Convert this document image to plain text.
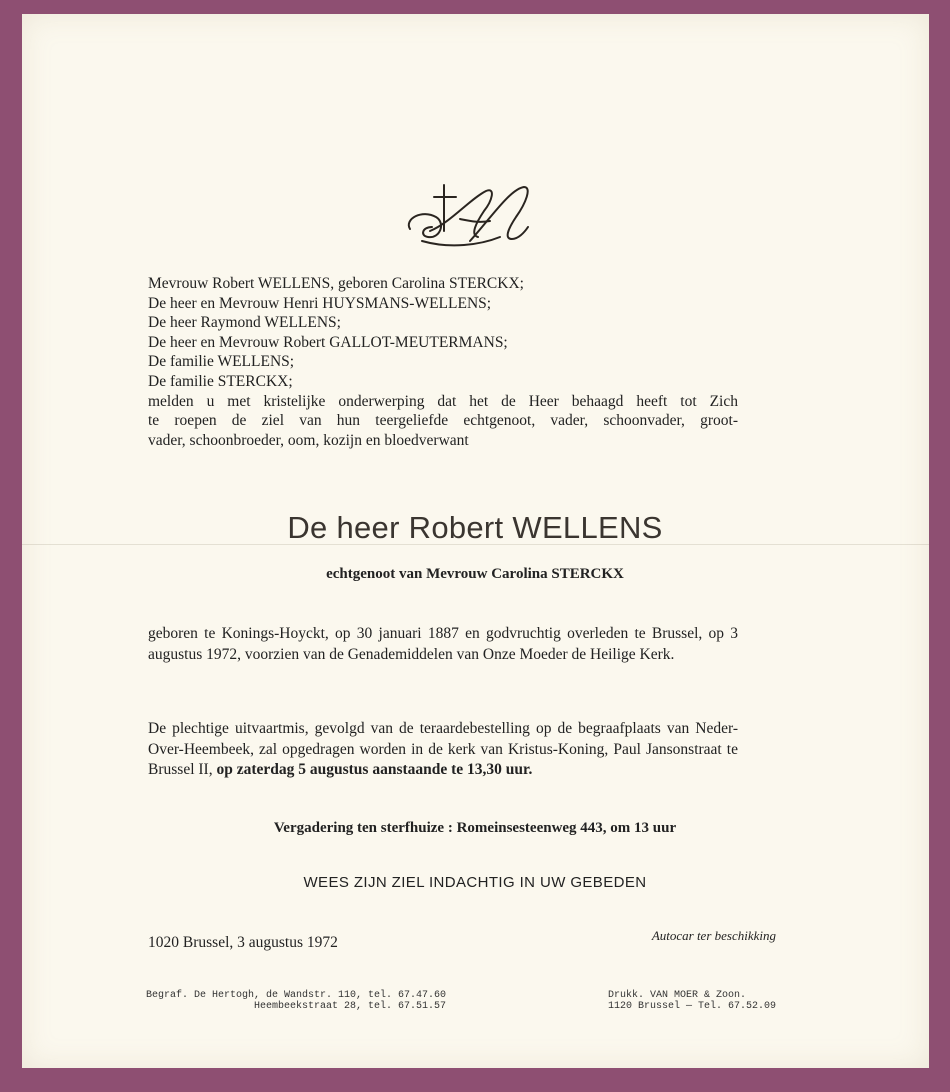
Mevrouw Robert WELLENS, geboren Carolina STERCKX;
De heer en Mevrouw Henri HUYSMANS-WELLENS;
De heer Raymond WELLENS;
De heer en Mevrouw Robert GALLOT-MEUTERMANS;
De familie WELLENS;
De familie STERCKX;
melden u met kristelijke onderwerping dat het de Heer behaagd heeft tot Zich
te roepen de ziel van hun teergeliefde echtgenoot, vader, schoonvader, groot-
vader, schoonbroeder, oom, kozijn en bloedverwant
De heer Robert WELLENS
echtgenoot van Mevrouw Carolina STERCKX
geboren te Konings-Hoyckt, op 30 januari 1887 en godvruchtig overleden te Brussel, op 3 augustus 1972, voorzien van de Genademiddelen van Onze Moeder de Heilige Kerk.
De plechtige uitvaartmis, gevolgd van de teraardebestelling op de begraafplaats van Neder-Over-Heembeek, zal opgedragen worden in de kerk van Kristus-Koning, Paul Jansonstraat te Brussel II, op zaterdag 5 augustus aanstaande te 13,30 uur.
Vergadering ten sterfhuize : Romeinsesteenweg 443, om 13 uur
WEES ZIJN ZIEL INDACHTIG IN UW GEBEDEN
Autocar ter beschikking
1020 Brussel, 3 augustus 1972
Begraf. De Hertogh, de Wandstr. 110, tel. 67.47.60
Heembeekstraat 28, tel. 67.51.57
Drukk. VAN MOER & Zoon.
1120 Brussel — Tel. 67.52.09
